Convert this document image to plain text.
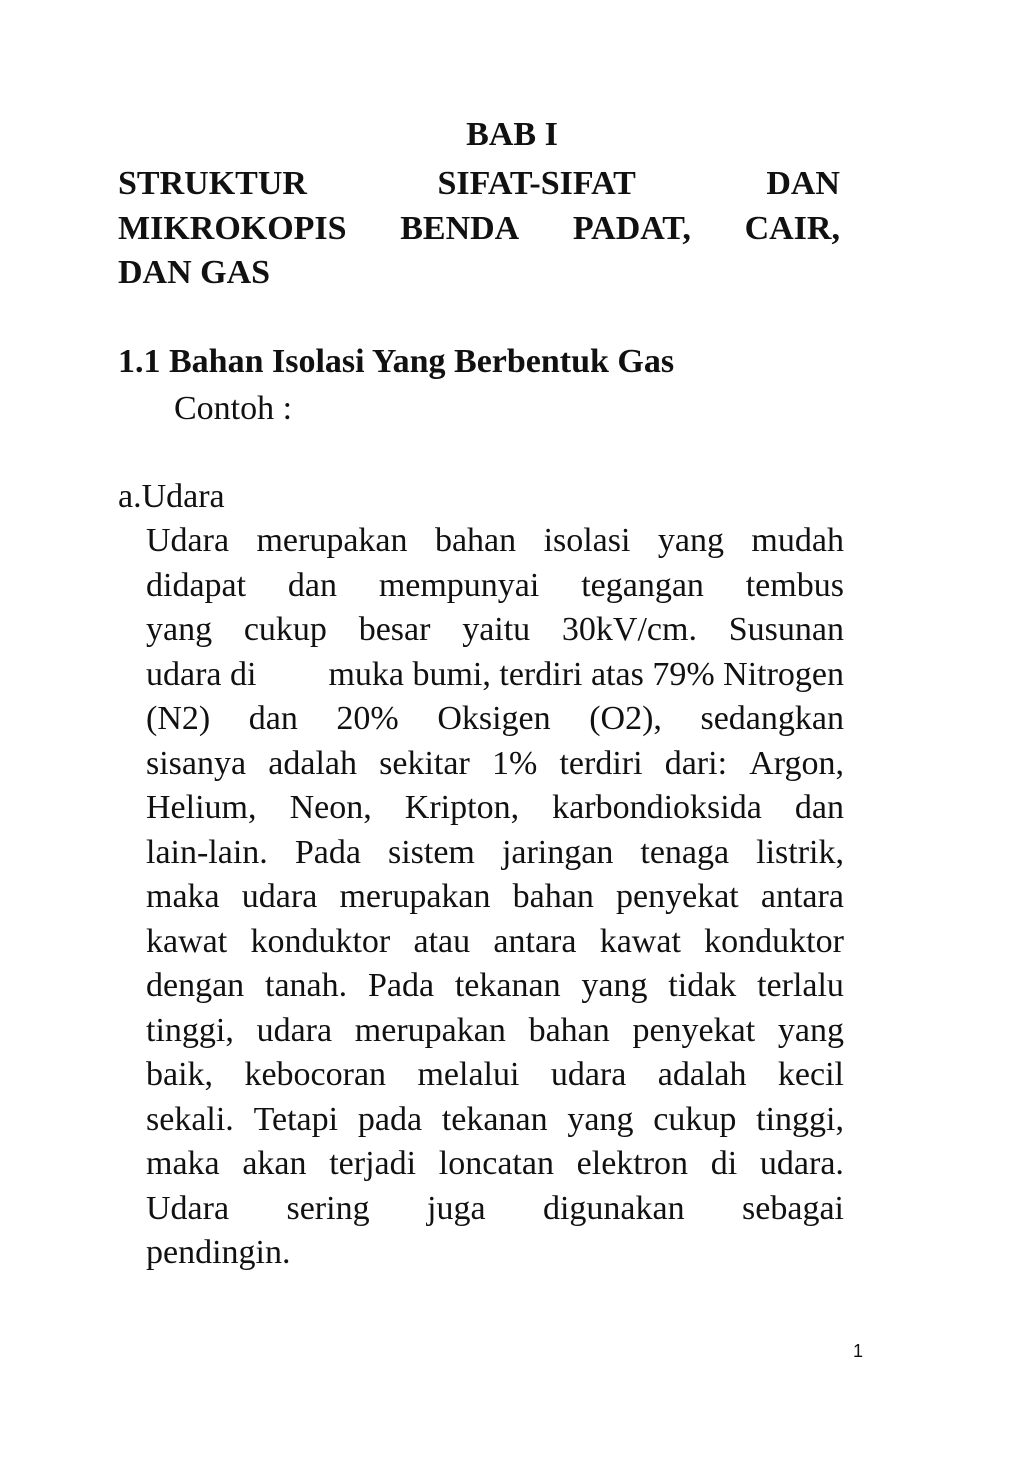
BAB I
STRUKTUR	SIFAT-SIFAT	DAN
MIKROKOPIS BENDA PADAT, CAIR,
DAN GAS
1.1 Bahan Isolasi Yang Berbentuk Gas
Contoh :
a.Udara
Udara merupakan bahan isolasi yang mudah
didapat dan mempunyai tegangan tembus
yang cukup besar yaitu 30kV/cm. Susunan
udara di muka bumi, terdiri atas 79% Nitrogen
(N2) dan 20% Oksigen (O2), sedangkan
sisanya adalah sekitar 1% terdiri dari: Argon,
Helium, Neon, Kripton, karbondioksida dan
lain-lain. Pada sistem jaringan tenaga listrik,
maka udara merupakan bahan penyekat antara
kawat konduktor atau antara kawat konduktor
dengan tanah. Pada tekanan yang tidak terlalu
tinggi, udara merupakan bahan penyekat yang
baik, kebocoran melalui udara adalah kecil
sekali. Tetapi pada tekanan yang cukup tinggi,
maka akan terjadi loncatan elektron di udara.
Udara sering juga digunakan sebagai
pendingin.
1
